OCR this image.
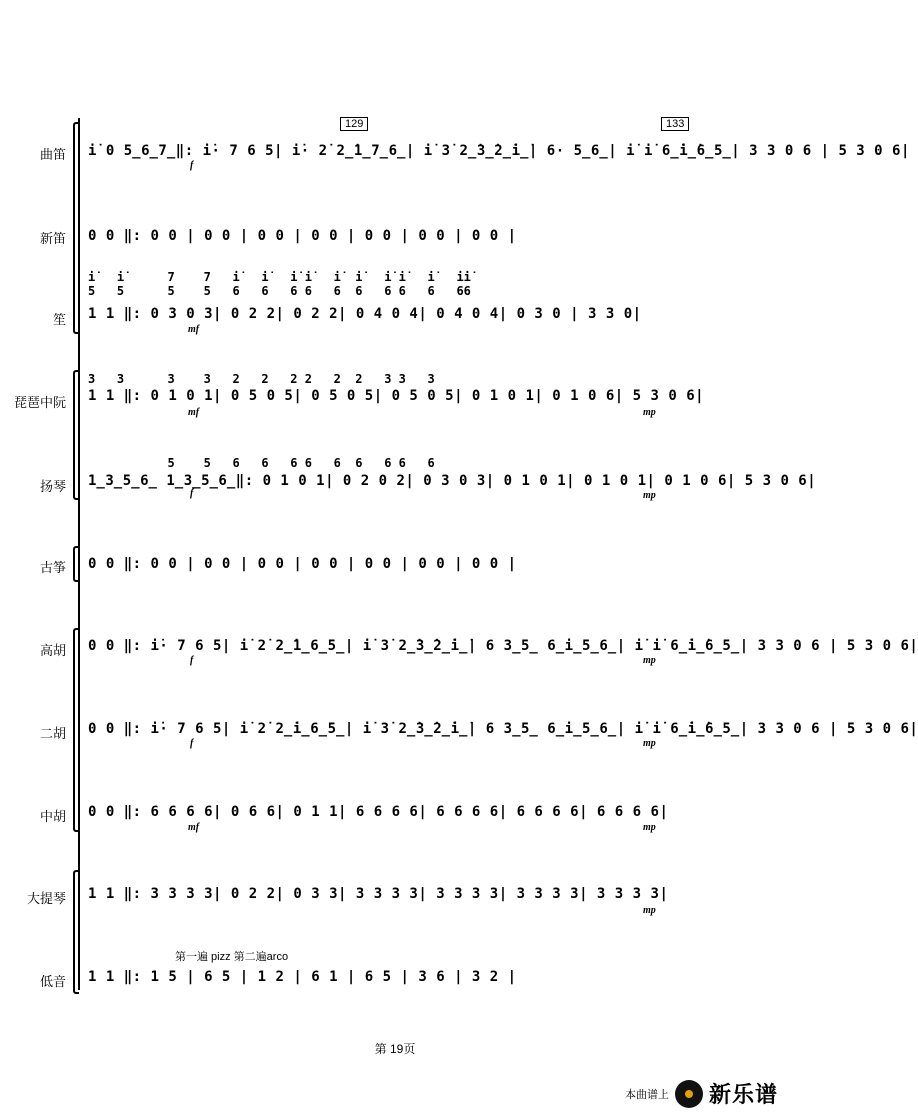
129	133
曲笛 i̇ 0 5̲6̲7̲‖: i̇· 7 6 5| i̇· 2̇ 2̲̇1̲7̲6̲| i̇ 3̇ 2̲̇3̲̇2̲̇i̲̇| 6· 5̲6̲| i̇ i̇ 6̲̇i̲̇6̲5̲| 3 3 0 6 | 5 3 0 6|
f
新笛 0 0 ‖: 0 0 | 0 0 | 0 0 | 0 0 | 0 0 | 0 0 | 0 0 |
笙
i̇   i̇      7    7   i̇   i̇   i̇ i̇   i̇  i̇   i̇ i̇   i̇   i̇i̇
5   5      5    5   6   6   6 6   6  6   6 6   6   66
1 1 ‖: 0 3 0 3| 0 2 2| 0 2 2| 0 4 0 4| 0 4 0 4| 0 3 0 | 3 3 0|
mf
琵琶中阮
3   3      3    3   2   2   2 2   2  2   3 3   3
1 1 ‖: 0 1 0 1| 0 5 0 5| 0 5 0 5| 0 5 0 5| 0 1 0 1| 0 1 0 6| 5 3 0 6|
mf	mp
扬琴
5    5   6   6   6 6   6  6   6 6   6
1̲3̲5̲6̲ 1̲3̲5̲6̲‖: 0 1 0 1| 0 2 0 2| 0 3 0 3| 0 1 0 1| 0 1 0 1| 0 1 0 6| 5 3 0 6|
f	mp
古筝 0 0 ‖: 0 0 | 0 0 | 0 0 | 0 0 | 0 0 | 0 0 | 0 0 |
高胡 0 0 ‖: i̇· 7 6 5| i̇ 2̇ 2̲̇1̲6̲5̲| i̇ 3̇ 2̲̇3̲̇2̲̇i̲̇| 6 3̲5̲ 6̲i̲5̲6̲| i̇ i̇ 6̲̇i̲̇6̲5̲| 3 3 0 6 | 5 3 0 6|
f	mp
二胡 0 0 ‖: i̇· 7 6 5| i̇ 2̇ 2̲̇i̲6̲5̲| i̇ 3̇ 2̲̇3̲̇2̲̇i̲̇| 6 3̲5̲ 6̲i̲5̲6̲| i̇ i̇ 6̲̇i̲̇6̲5̲| 3 3 0 6 | 5 3 0 6|
f	mp
中胡 0 0 ‖: 6 6 6 6| 0 6 6| 0 1 1| 6 6 6 6| 6 6 6 6| 6 6 6 6| 6 6 6 6|
mf	mp
大提琴 1 1 ‖: 3 3 3 3| 0 2 2| 0 3 3| 3 3 3 3| 3 3 3 3| 3 3 3 3| 3 3 3 3|
mp
第一遍 pizz 第二遍arco
低音 1 1 ‖: 1 5 | 6 5 | 1 2 | 6 1 | 6 5 | 3 6 | 3 2 |
第 19页
本曲谱上 新乐谱
